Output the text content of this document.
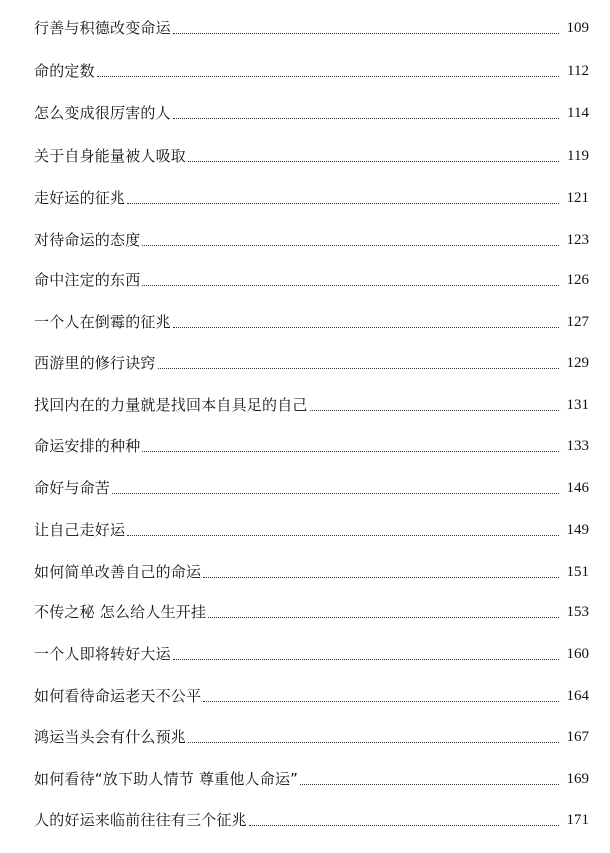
行善与积德改变命运	109
命的定数	112
怎么变成很厉害的人	114
关于自身能量被人吸取	119
走好运的征兆	121
对待命运的态度	123
命中注定的东西	126
一个人在倒霉的征兆	127
西游里的修行诀窍	129
找回内在的力量就是找回本自具足的自己	131
命运安排的种种	133
命好与命苦	146
让自己走好运	149
如何简单改善自己的命运	151
不传之秘 怎么给人生开挂	153
一个人即将转好大运	160
如何看待命运老天不公平	164
鸿运当头会有什么预兆	167
如何看待“放下助人情节 尊重他人命运”	169
人的好运来临前往往有三个征兆	171
